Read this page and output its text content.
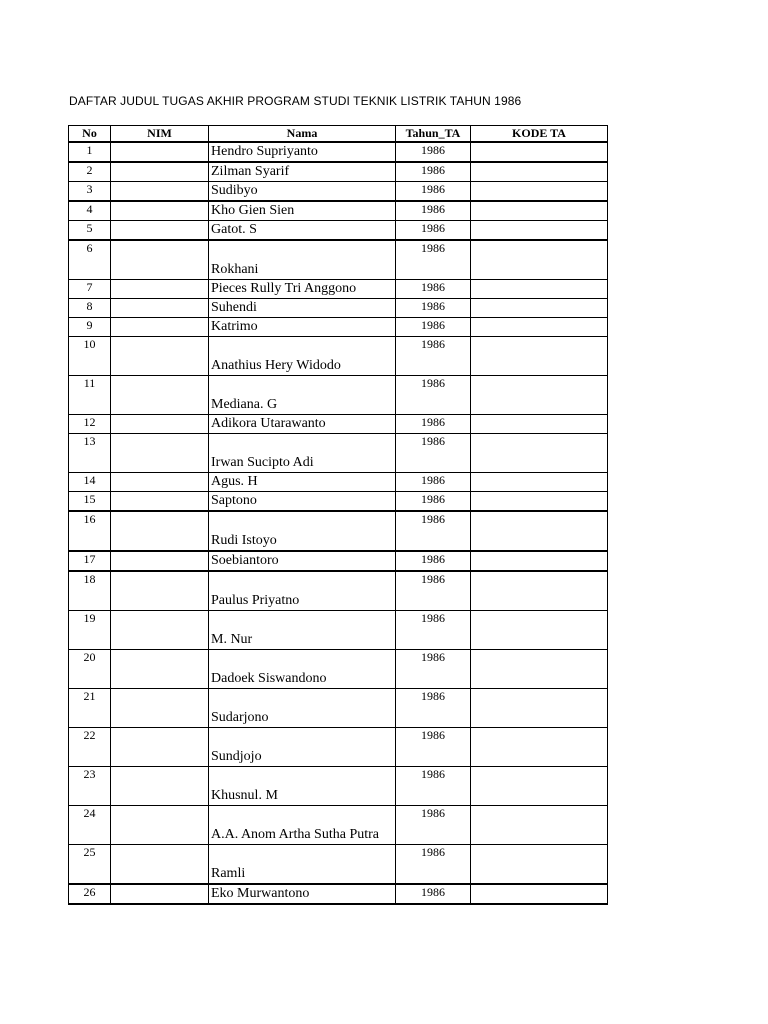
DAFTAR JUDUL TUGAS AKHIR PROGRAM STUDI TEKNIK LISTRIK TAHUN 1986
No	NIM	Nama	Tahun_TA	KODE TA
1		Hendro Supriyanto	1986	
2		Zilman Syarif	1986	
3		Sudibyo	1986	
4		Kho Gien Sien	1986	
5		Gatot. S	1986	
6		Rokhani	1986	
7		Pieces Rully Tri Anggono	1986	
8		Suhendi	1986	
9		Katrimo	1986	
10		Anathius Hery Widodo	1986	
11		Mediana. G	1986	
12		Adikora Utarawanto	1986	
13		Irwan Sucipto Adi	1986	
14		Agus. H	1986	
15		Saptono	1986	
16		Rudi Istoyo	1986	
17		Soebiantoro	1986	
18		Paulus Priyatno	1986	
19		M. Nur	1986	
20		Dadoek Siswandono	1986	
21		Sudarjono	1986	
22		Sundjojo	1986	
23		Khusnul. M	1986	
24		A.A. Anom Artha Sutha Putra	1986	
25		Ramli	1986	
26		Eko Murwantono	1986	
